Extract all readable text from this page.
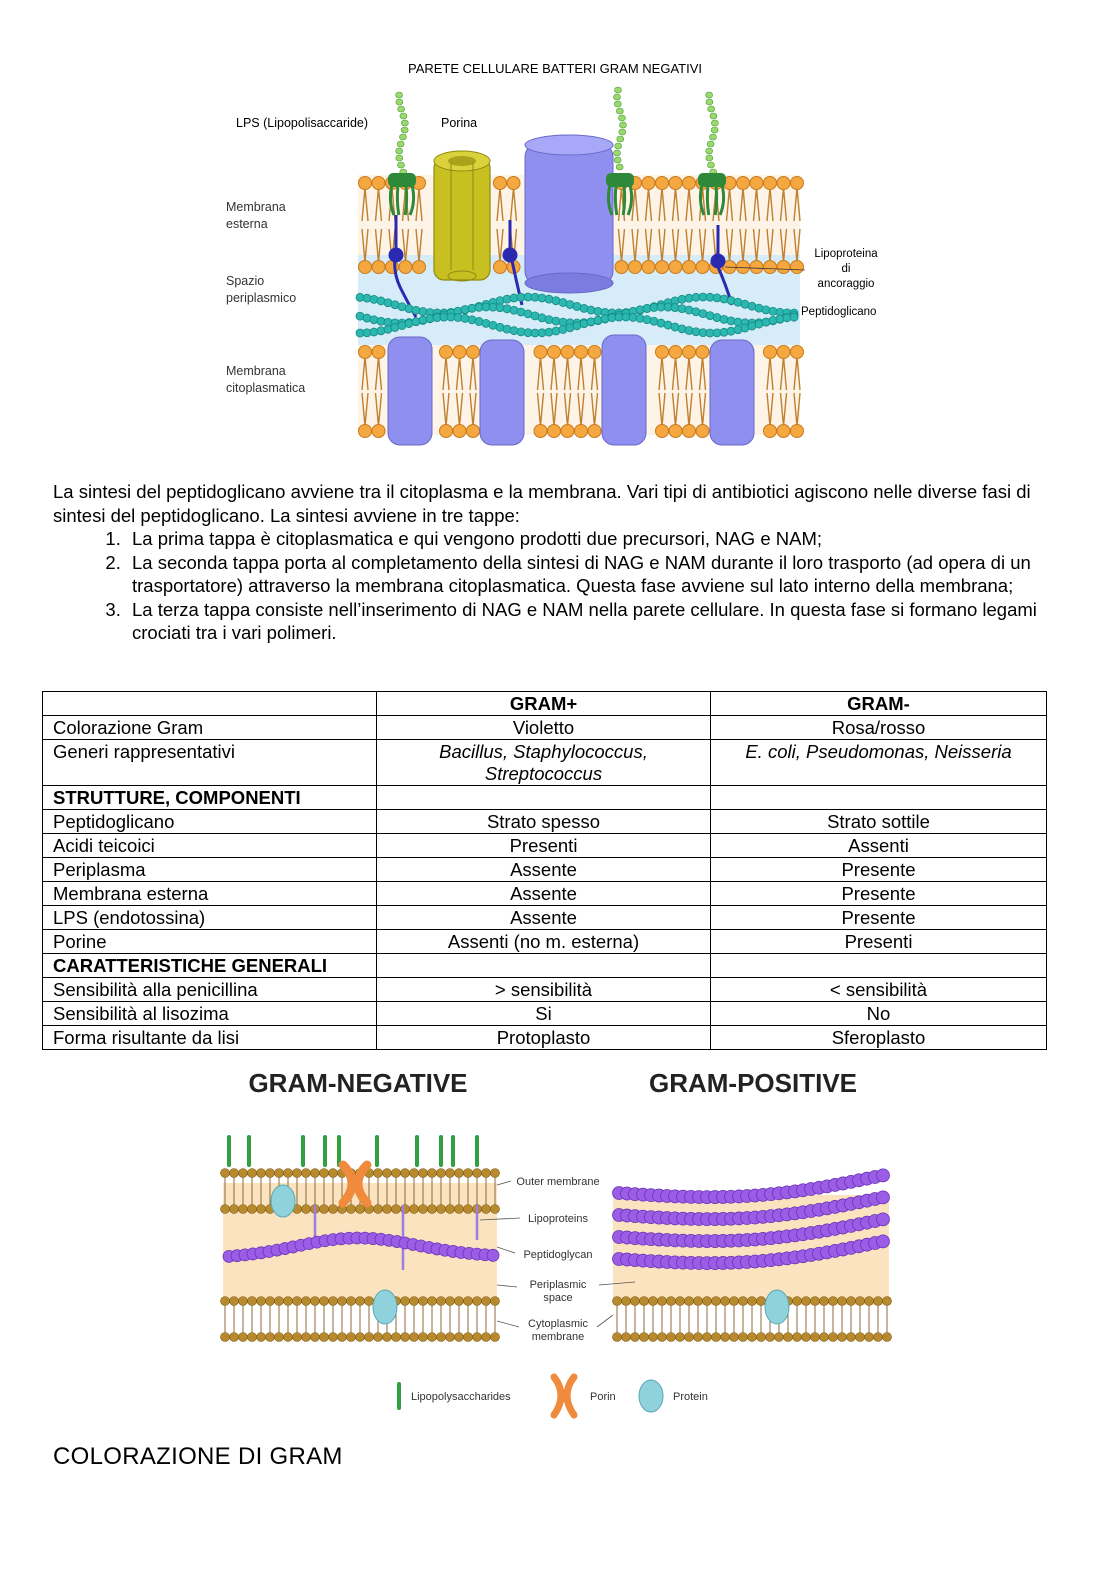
PARETE CELLULARE BATTERI GRAM NEGATIVI
LPS (Lipopolisaccaride)	Porina
Membrana
esterna
Spazio
periplasmico
Membrana
citoplasmatica
Lipoproteina
di
ancoraggio
Peptidoglicano

La sintesi del peptidoglicano avviene tra il citoplasma e la membrana. Vari tipi di antibiotici agiscono nelle diverse fasi di sintesi del peptidoglicano. La sintesi avviene in tre tappe:

1. La prima tappa è citoplasmatica e qui vengono prodotti due precursori, NAG e NAM;
2. La seconda tappa porta al completamento della sintesi di NAG e NAM durante il loro trasporto (ad opera di un trasportatore) attraverso la membrana citoplasmatica. Questa fase avviene sul lato interno della membrana;
3. La terza tappa consiste nell’inserimento di NAG e NAM nella parete cellulare. In questa fase si formano legami crociati tra i vari polimeri.
	GRAM+	GRAM-
Colorazione Gram	Violetto	Rosa/rosso
Generi rappresentativi	Bacillus, Staphylococcus, Streptococcus	E. coli, Pseudomonas, Neisseria
STRUTTURE, COMPONENTI		
Peptidoglicano	Strato spesso	Strato sottile
Acidi teicoici	Presenti	Assenti
Periplasma	Assente	Presente
Membrana esterna	Assente	Presente
LPS (endotossina)	Assente	Presente
Porine	Assenti (no m. esterna)	Presenti
CARATTERISTICHE GENERALI		
Sensibilità alla penicillina	> sensibilità	< sensibilità
Sensibilità al lisozima	Si	No
Forma risultante da lisi	Protoplasto	Sferoplasto
GRAM-NEGATIVE	GRAM-POSITIVE
Outer membrane
Lipoproteins
Peptidoglycan
Periplasmic
space
Cytoplasmic
membrane
Lipopolysaccharides	Porin	Protein
COLORAZIONE DI GRAM
